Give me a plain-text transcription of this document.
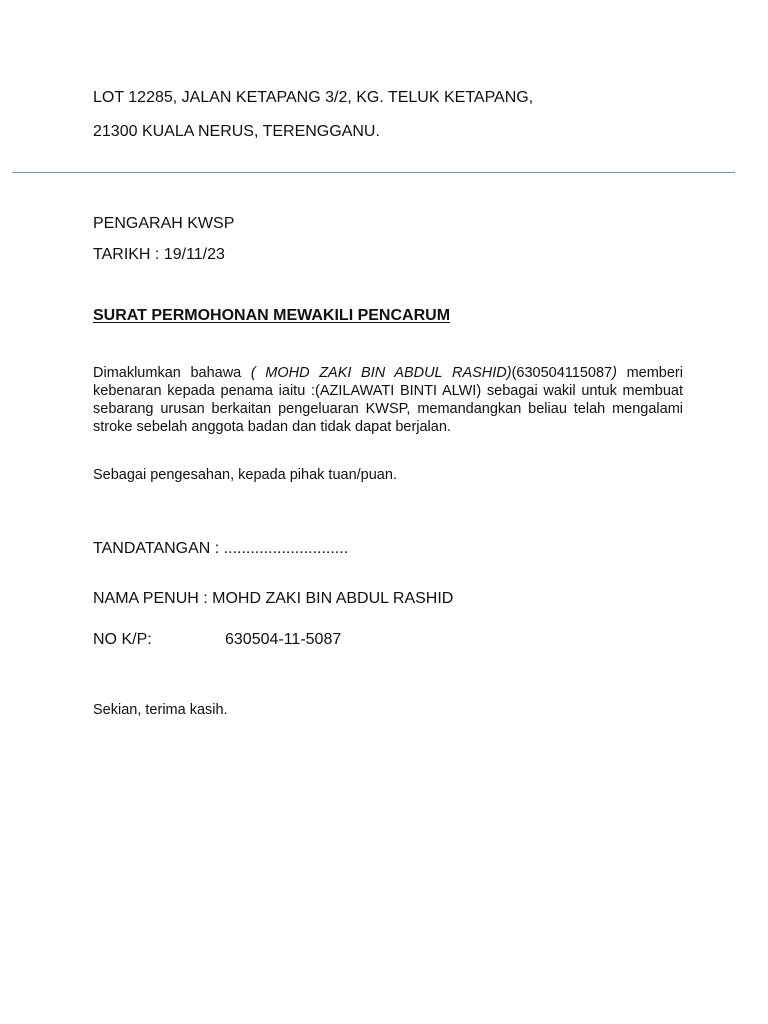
LOT 12285, JALAN KETAPANG 3/2, KG. TELUK KETAPANG,
21300 KUALA NERUS, TERENGGANU.
PENGARAH KWSP
TARIKH : 19/11/23
SURAT PERMOHONAN MEWAKILI PENCARUM

Dimaklumkan bahawa ( MOHD ZAKI BIN ABDUL RASHID)(630504115087) memberi kebenaran kepada penama iaitu :(AZILAWATI BINTI ALWI) sebagai wakil untuk membuat sebarang urusan berkaitan pengeluaran KWSP, memandangkan beliau telah mengalami stroke sebelah anggota badan dan tidak dapat berjalan.

Sebagai pengesahan, kepada pihak tuan/puan.
TANDATANGAN : ............................
NAMA PENUH : MOHD ZAKI BIN ABDUL RASHID
NO K/P:	630504-11-5087
Sekian, terima kasih.
